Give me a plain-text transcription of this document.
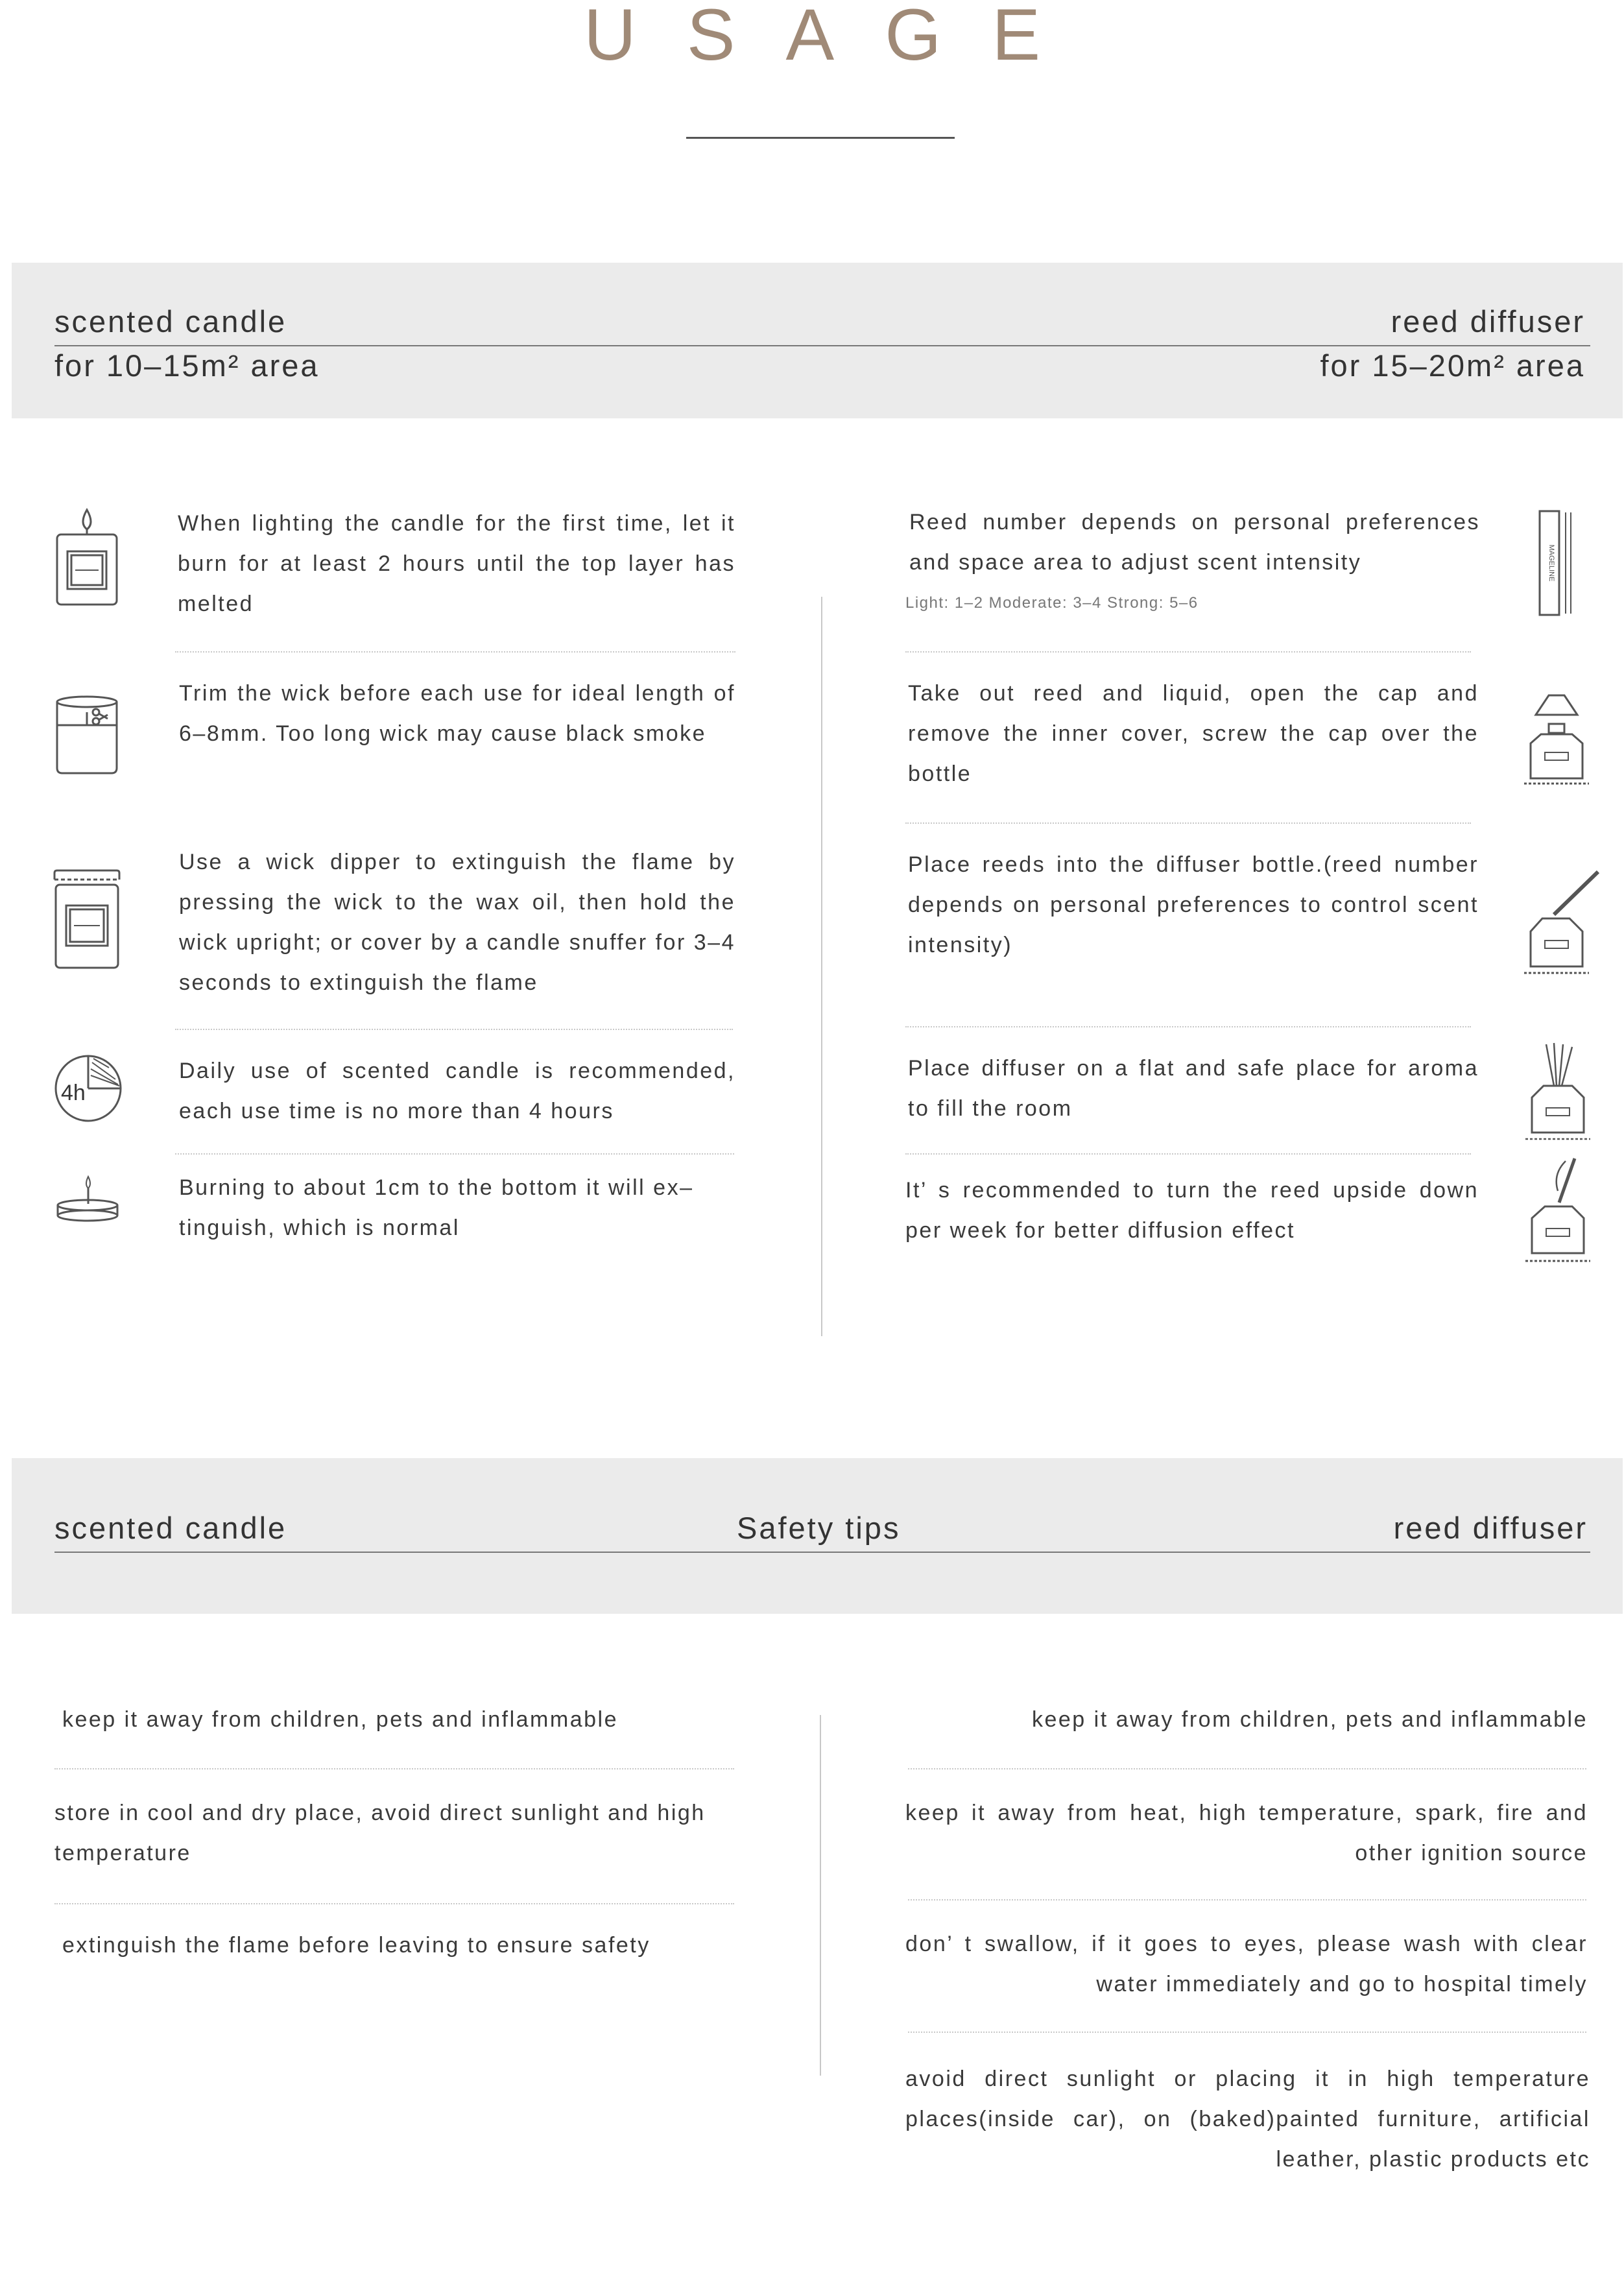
USAGE
scented candle	reed diffuser
for 10–15m² area	for 15–20m² area
When lighting the candle for the first time, let it burn for at least 2 hours until the top layer has melted
Trim the wick before each use for ideal length of 6–8mm. Too long wick may cause black smoke
Use a wick dipper to extinguish the flame by pressing the wick to the wax oil, then hold the wick upright; or cover by a candle snuffer for 3–4 seconds to extinguish the flame
4h
Daily use of scented candle is recommended, each use time is no more than 4 hours
Burning to about 1cm to the bottom it will ex–tinguish, which is normal
Reed number depends on personal preferences and space area to adjust scent intensity
Light: 1–2 Moderate: 3–4 Strong: 5–6
MAGELINE
Take out reed and liquid, open the cap and remove the inner cover, screw the cap over the bottle
Place reeds into the diffuser bottle.(reed number depends on personal preferences to control scent intensity)
Place diffuser on a flat and safe place for aroma to fill the room
It’ s recommended to turn the reed upside down per week for better diffusion effect
scented candle	Safety tips	reed diffuser
keep it away from children, pets and inflammable
store in cool and dry place, avoid direct sunlight and high temperature
extinguish the flame before leaving to ensure safety
keep it away from children, pets and inflammable
keep it away from heat, high temperature, spark, fire and other ignition source
don’ t swallow, if it goes to eyes, please wash with clear water immediately and go to hospital timely
avoid direct sunlight or placing it in high temperature places(inside car), on (baked)painted furniture, artificial leather, plastic products etc
